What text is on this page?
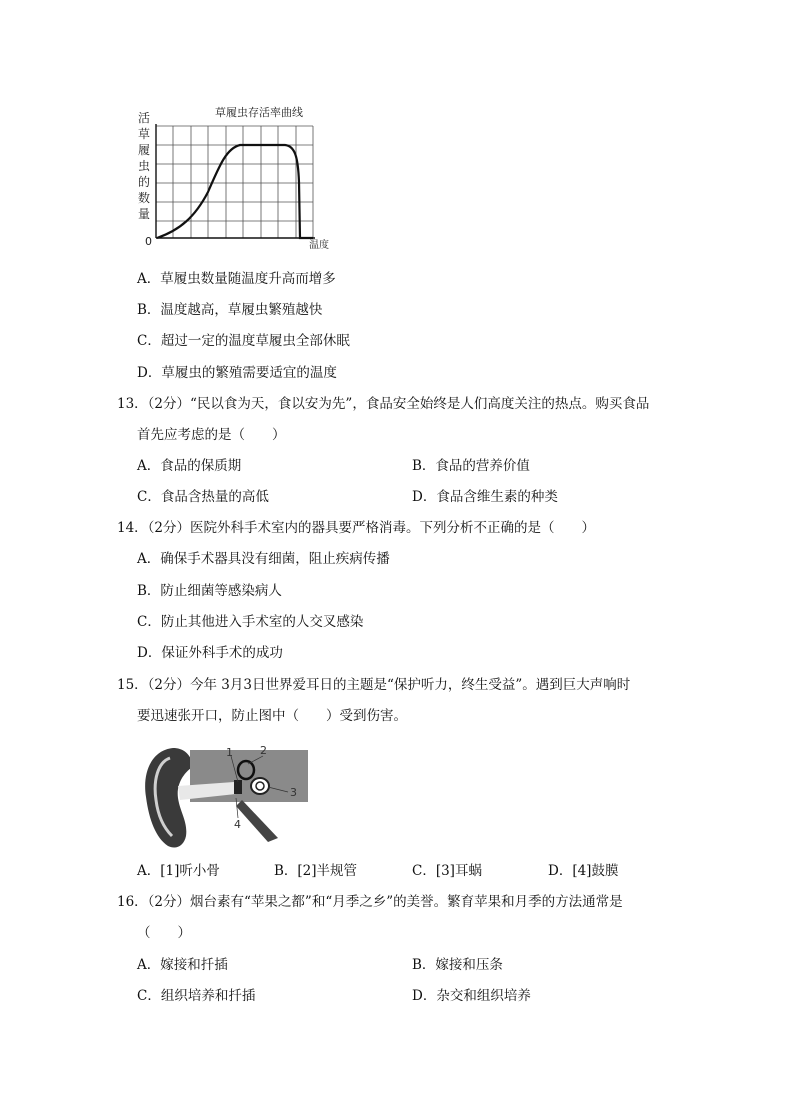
草履虫存活率曲线
活
草
履
虫
的
数
量
0	温度
A．草履虫数量随温度升高而增多
B．温度越高，草履虫繁殖越快
C．超过一定的温度草履虫全部休眠
D．草履虫的繁殖需要适宜的温度
13．（2分）“民以食为天，食以安为先”，食品安全始终是人们高度关注的热点。购买食品
首先应考虑的是（　　）
A．食品的保质期	B．食品的营养价值
C．食品含热量的高低	D．食品含维生素的种类
14．（2分）医院外科手术室内的器具要严格消毒。下列分析不正确的是（　　）
A．确保手术器具没有细菌，阻止疾病传播
B．防止细菌等感染病人
C．防止其他进入手术室的人交叉感染
D．保证外科手术的成功
15．（2分）今年 3月3日世界爱耳日的主题是“保护听力，终生受益”。遇到巨大声响时
要迅速张开口，防止图中（　　）受到伤害。
1 2
3
4
A．[1]听小骨	B．[2]半规管	C．[3]耳蜗	D．[4]鼓膜
16．（2分）烟台素有“苹果之都”和“月季之乡”的美誉。繁育苹果和月季的方法通常是
（　　）
A．嫁接和扦插	B．嫁接和压条
C．组织培养和扦插	D．杂交和组织培养
